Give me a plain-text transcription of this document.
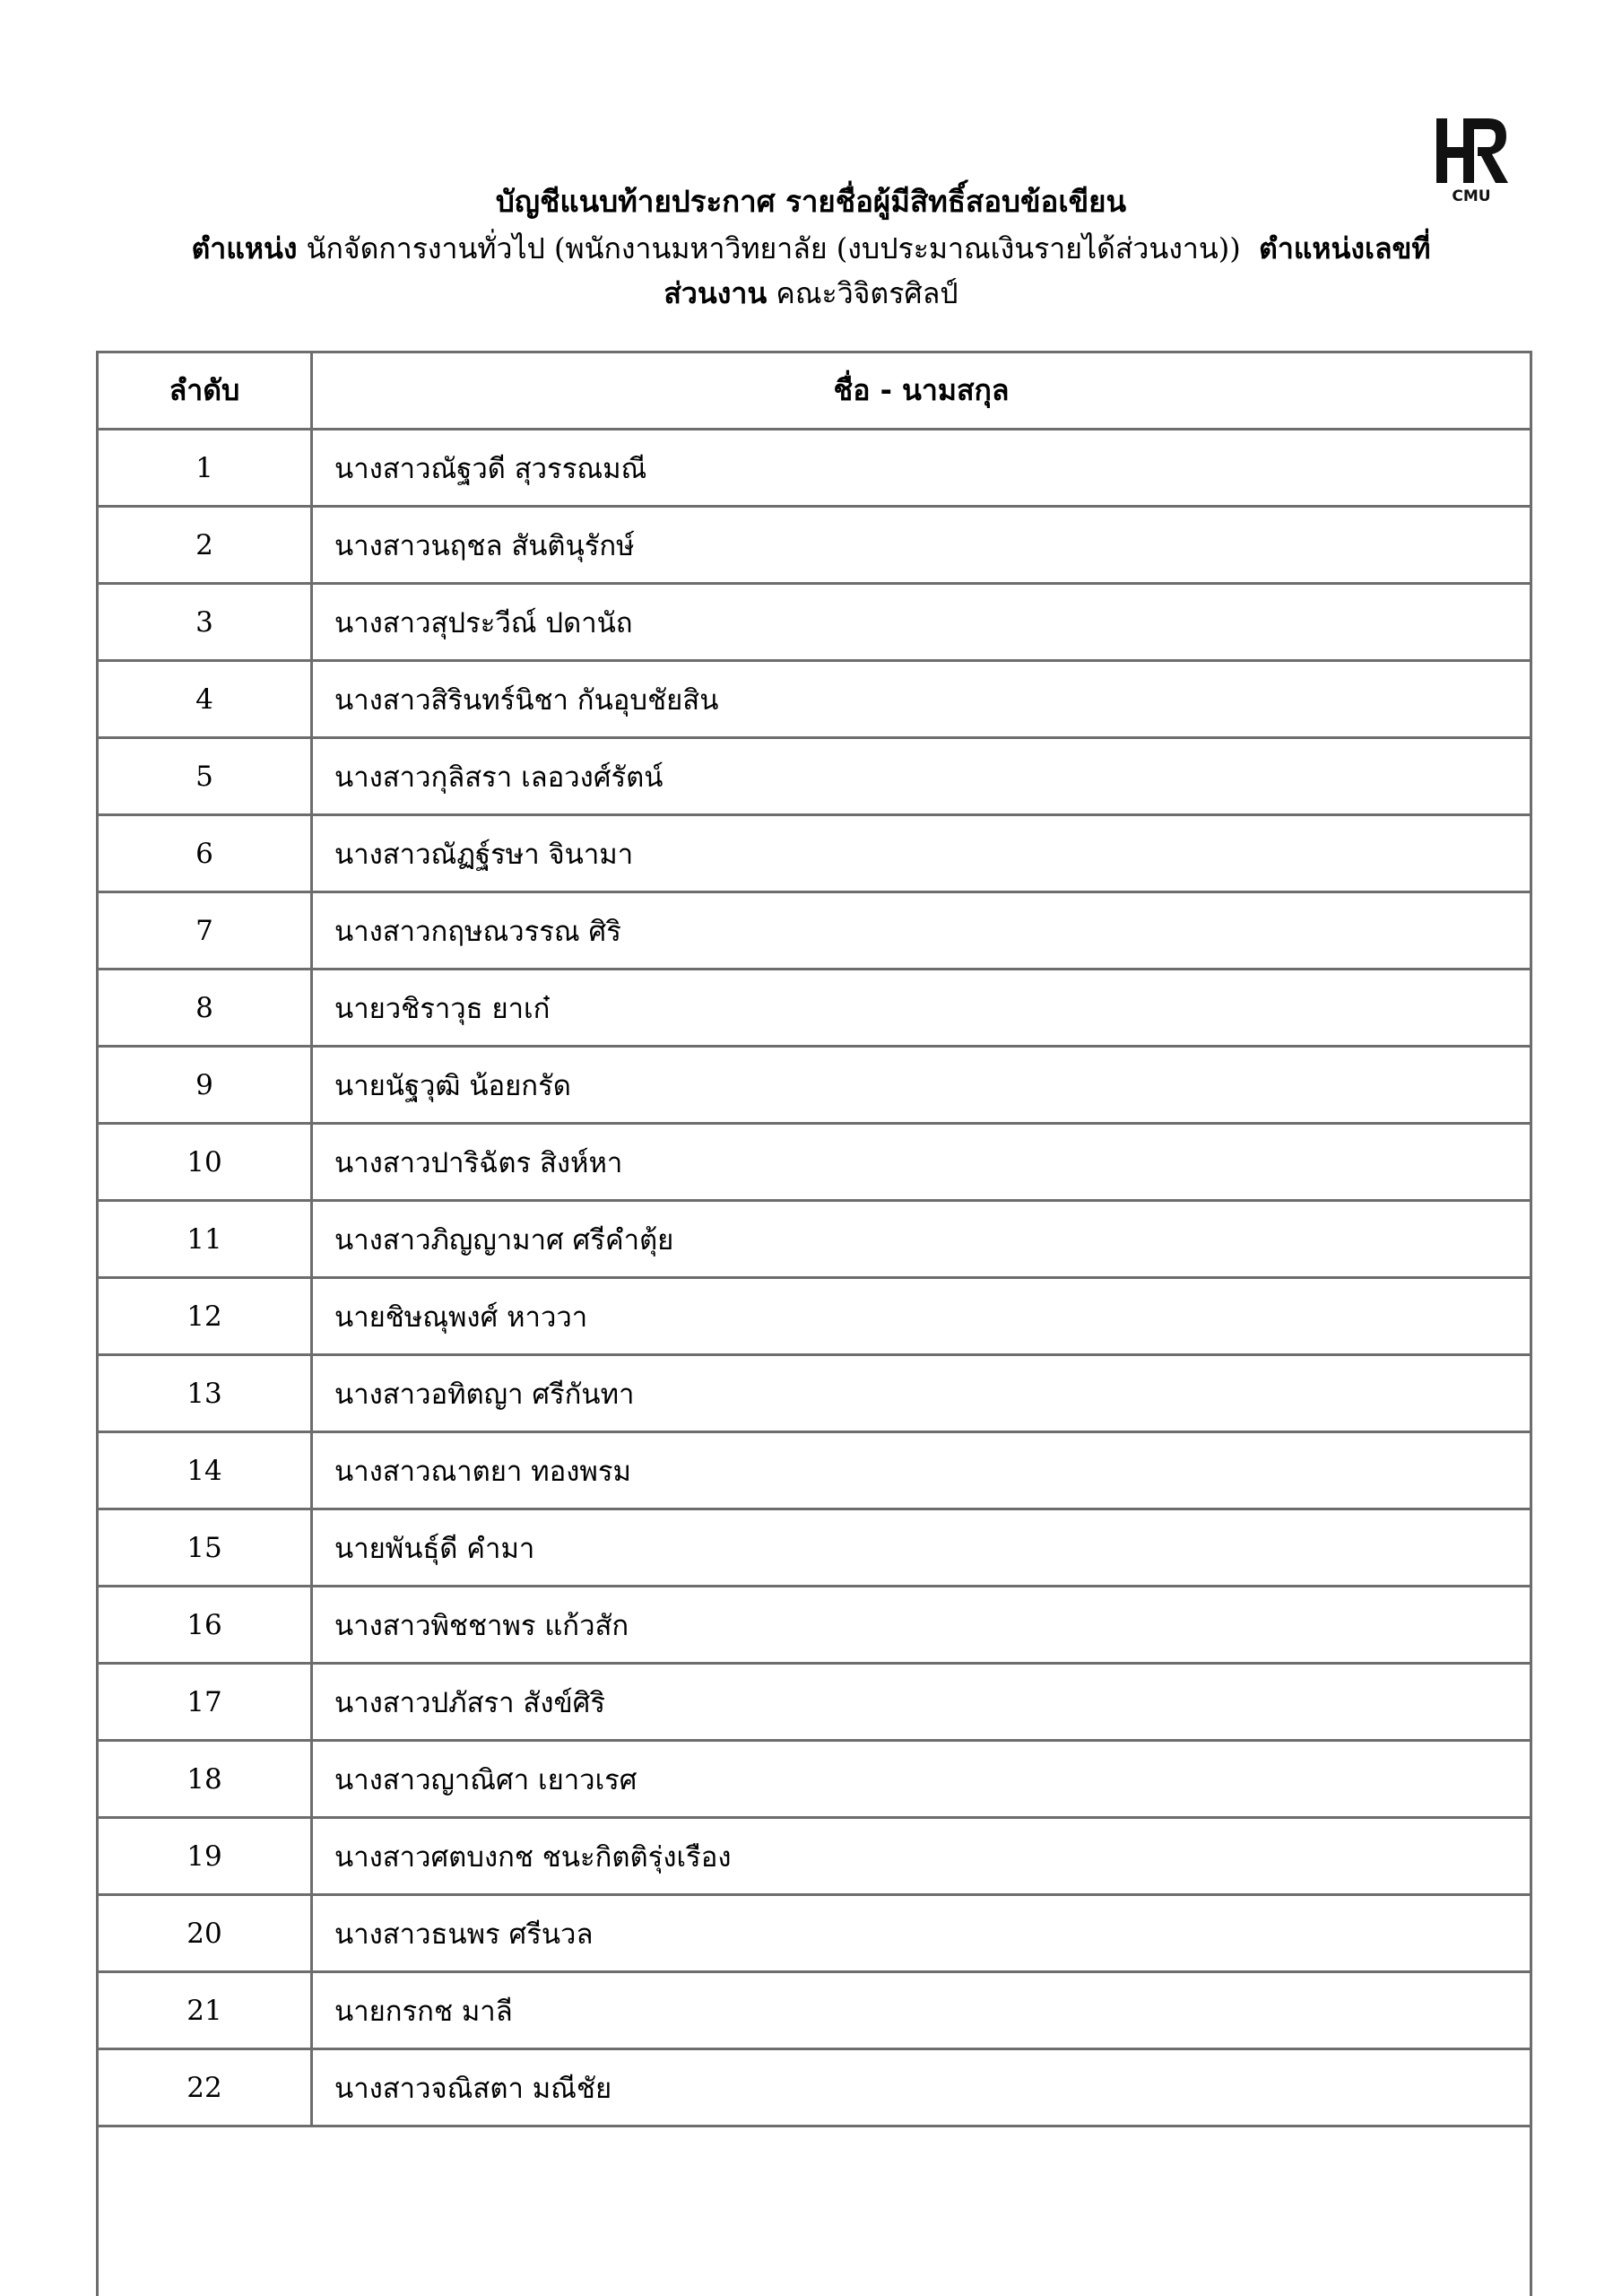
CMU
บัญชีแนบท้ายประกาศ รายชื่อผู้มีสิทธิ์สอบข้อเขียน
ตำแหน่ง นักจัดการงานทั่วไป (พนักงานมหาวิทยาลัย (งบประมาณเงินรายได้ส่วนงาน)) ตำแหน่งเลขที่
ส่วนงาน คณะวิจิตรศิลป์
ลำดับ	ชื่อ - นามสกุล
1	นางสาวณัฐวดี สุวรรณมณี
2	นางสาวนฤชล สันตินุรักษ์
3	นางสาวสุประวีณ์ ปดานัถ
4	นางสาวสิรินทร์นิชา กันอุบชัยสิน
5	นางสาวกุลิสรา เลอวงศ์รัตน์
6	นางสาวณัฏฐ์รษา จินามา
7	นางสาวกฤษณวรรณ ศิริ
8	นายวชิราวุธ ยาเก๋
9	นายนัฐวุฒิ น้อยกรัด
10	นางสาวปาริฉัตร สิงห์หา
11	นางสาวภิญญามาศ ศรีคำตุ้ย
12	นายชิษณุพงศ์ หาววา
13	นางสาวอทิตญา ศรีกันทา
14	นางสาวณาตยา ทองพรม
15	นายพันธุ์ดี คำมา
16	นางสาวพิชชาพร แก้วสัก
17	นางสาวปภัสรา สังข์ศิริ
18	นางสาวญาณิศา เยาวเรศ
19	นางสาวศตบงกช ชนะกิตติรุ่งเรือง
20	นางสาวธนพร ศรีนวล
21	นายกรกช มาลี
22	นางสาวจณิสตา มณีชัย
